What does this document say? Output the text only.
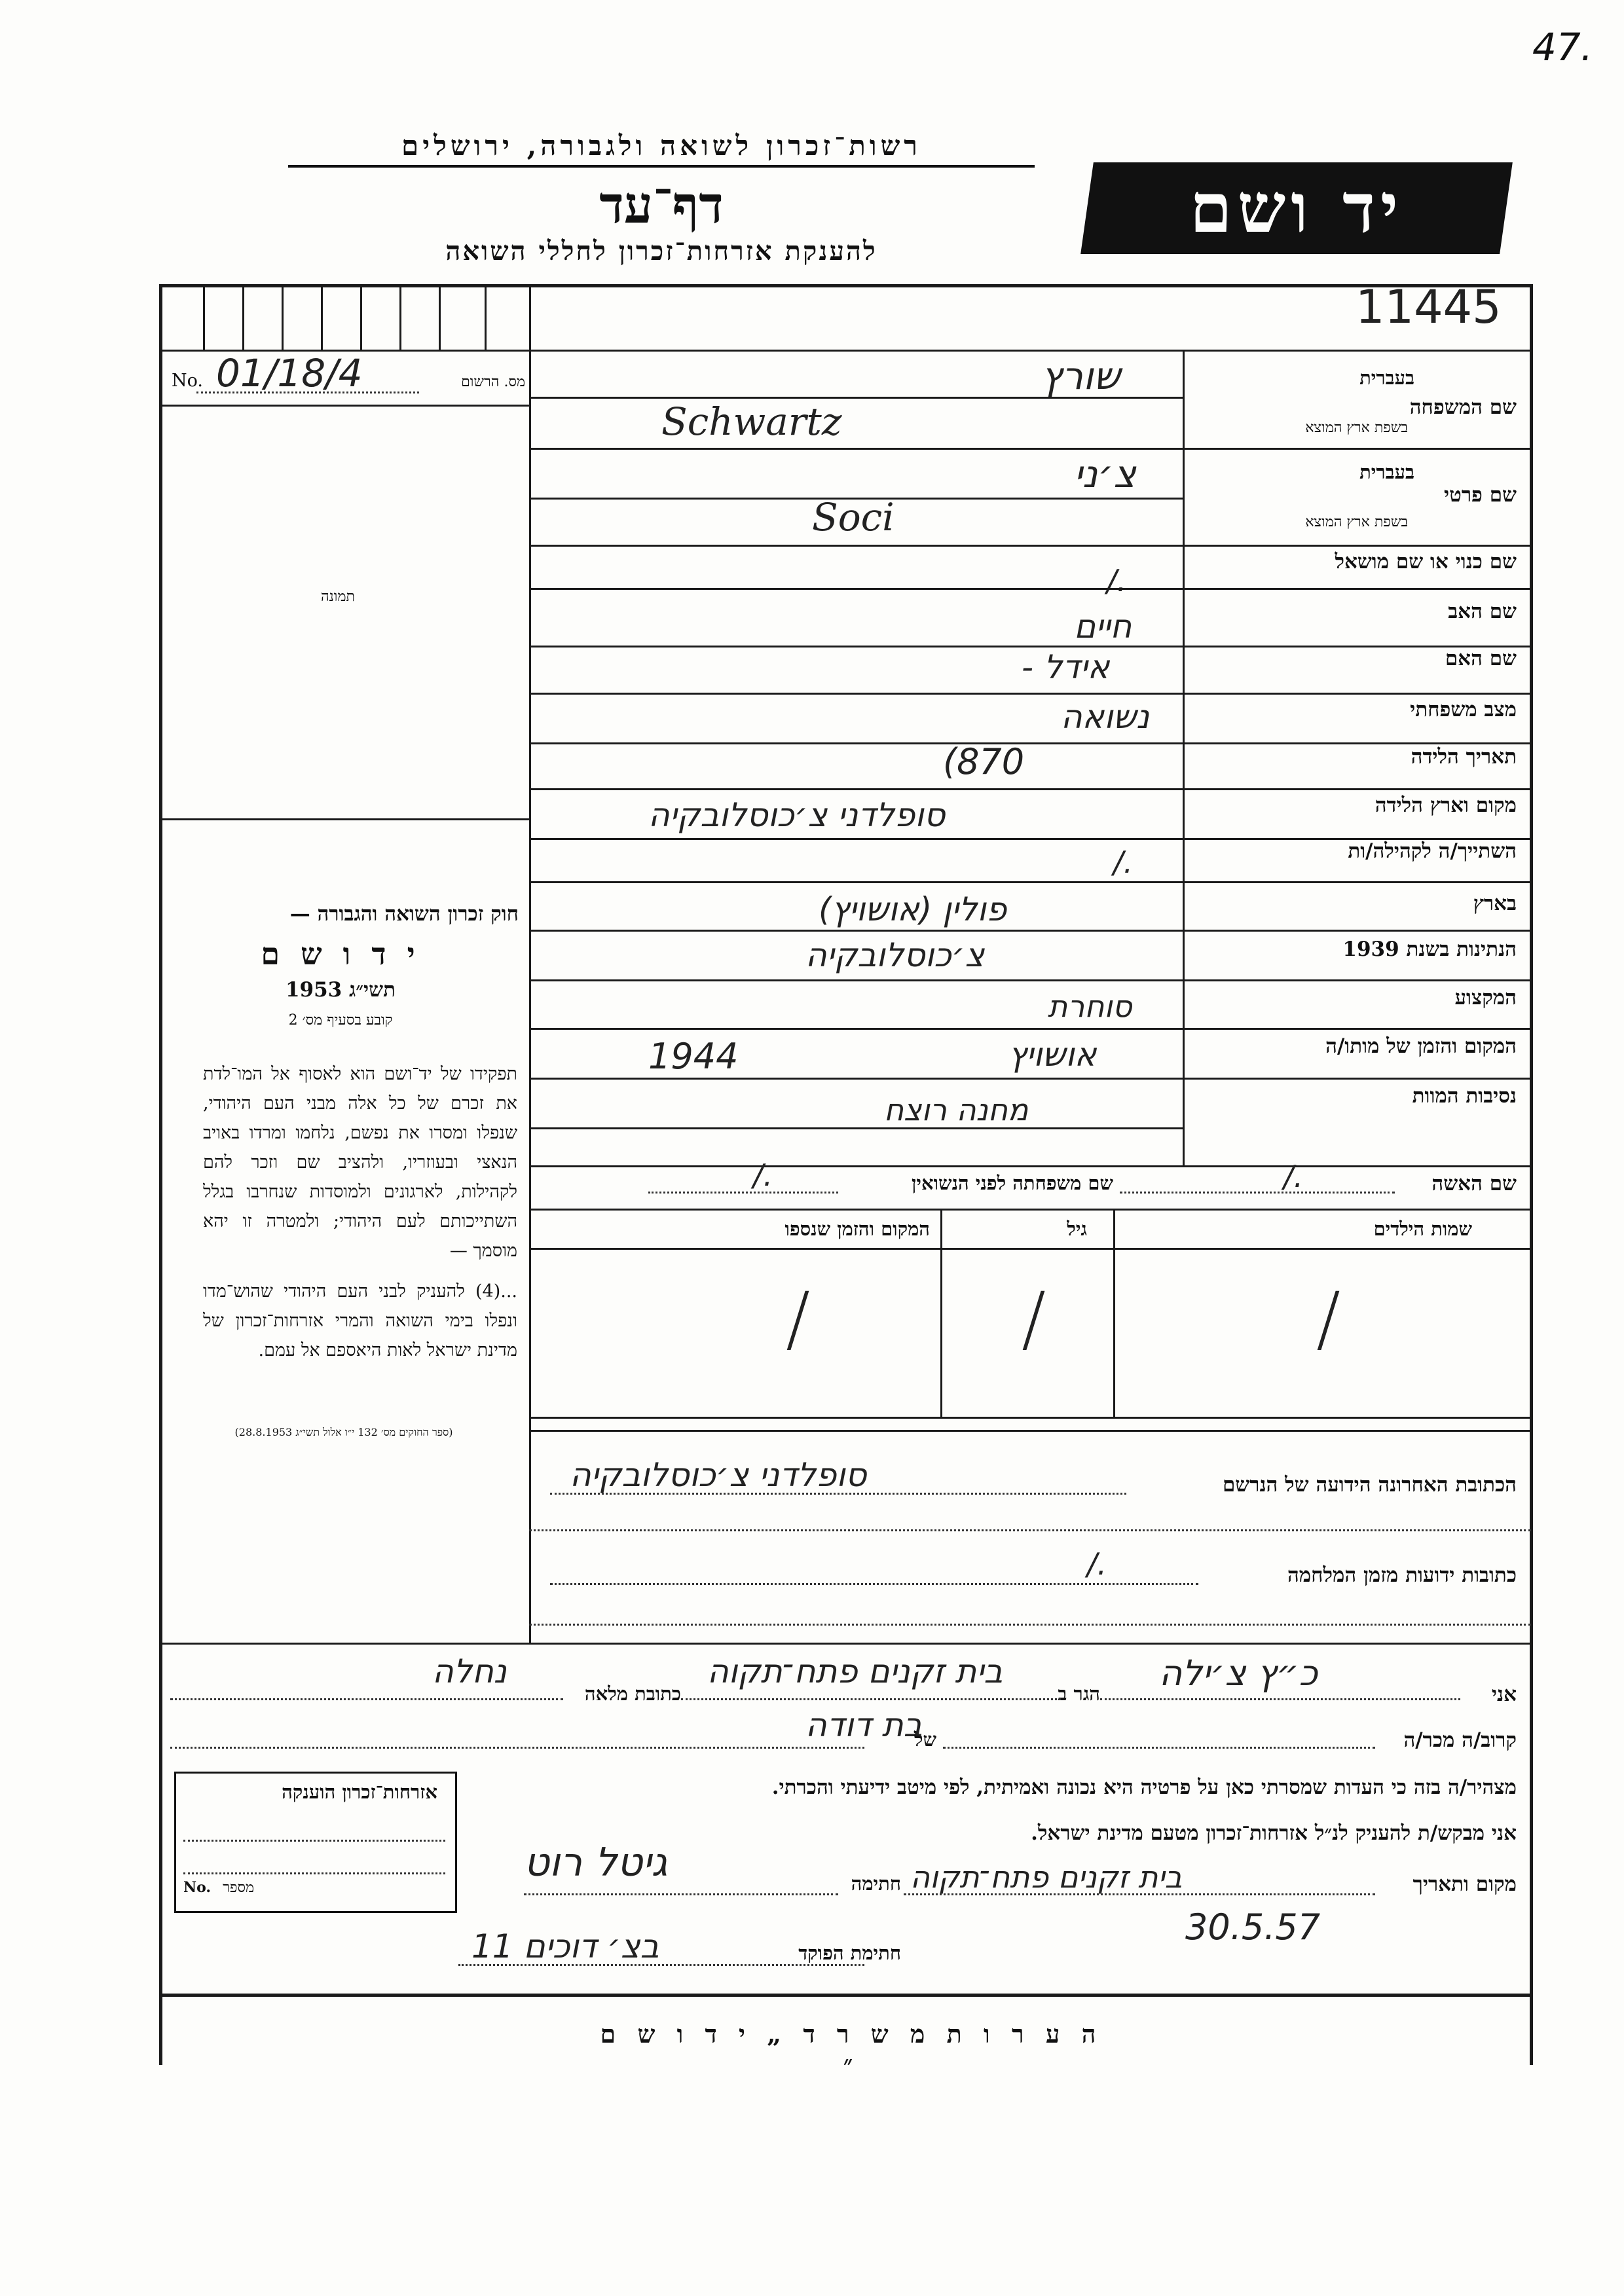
47.
רשות־זכרון לשואה ולגבורה, ירושלים
דף־עד
להענקת אזרחות־זכרון לחללי השואה
יד ושם
No. 01/18/4	מס. הרשום
תמונה
חוק זכרון השואה והגבורה —
י ד ו ש ם
תשי״ג 1953
קובע בסעיף מס׳ 2
תפקידו של יד־ושם הוא לאסוף אל המו־לדת את זכרם של כל אלה מבני העם היהודי, שנפלו ומסרו את נפשם, נלחמו ומרדו באויב הנאצי ובעוזריו, ולהציב שם וזכר להם לקהילות, לארגונים ולמוסדות שנחרבו בגלל השתייכותם לעם היהודי; ולמטרה זו יהא מוסמך —
...(4) להעניק לבני העם היהודי שהוש־מדו ונפלו בימי השואה והמרי אזרחות־זכרון של מדינת ישראל לאות היאספם אל עמם.
(ספר החוקים מס׳ 132 י״ו אלול תשי״ג 28.8.1953)
אזרחות־זכרון הוענקה
No. מספר
11445
שם המשפחה
בעברית
בשפת ארץ המוצא
שורץ
Schwartz
שם פרטי
בעברית
בשפת ארץ המוצא
צ׳ני
Soci
שם כנוי או שם מושאל
/.
שם האב
חיים
שם האם
- אידל
מצב משפחתי
נשואה
תאריך הלידה
(870
מקום וארץ הלידה
סופלדני צ׳כוסלובקיה
השתייך/ה לקהילה/ות
/.
בארץ
(אושויץ) פולין
הנתינות בשנת 1939
צ׳כוסלובקיה
המקצוע
סוחרת
המקום והזמן של מותו/ה
אושויץ
1944
נסיבות המוות
מחנה רוצח
שם האשה
/.
שם משפחתה לפני הנשואין
/.
שמות הילדים
גיל
המקום והזמן שנספו
/
/
/
הכתובת האחרונה הידועה של הנרשם
סופלדני צ׳כוסלובקיה
כתובות ידועות מזמן המלחמה
/.
אני
כ״ץ צ׳ילה
הגר ב
בית זקנים פתח־תקוה
כתובת מלאה
נחלה
קרוב/ה מכר/ה
בת דודה
של
מצהיר/ה בזה כי העדות שמסרתי כאן על פרטיה היא נכונה ואמיתית, לפי מיטב ידיעתי והכרתי.
אני מבקש/ת להעניק לנ״ל אזרחות־זכרון מטעם מדינת ישראל.
מקום ותאריך
בית זקנים פתח־תקוה
30.5.57
חתימה
גיטל רוט
חתימת הפוקד
11 בצ׳ דוכים
ה ע ר ו ת מ ש ר ד „ י ד ו ש ם ״
